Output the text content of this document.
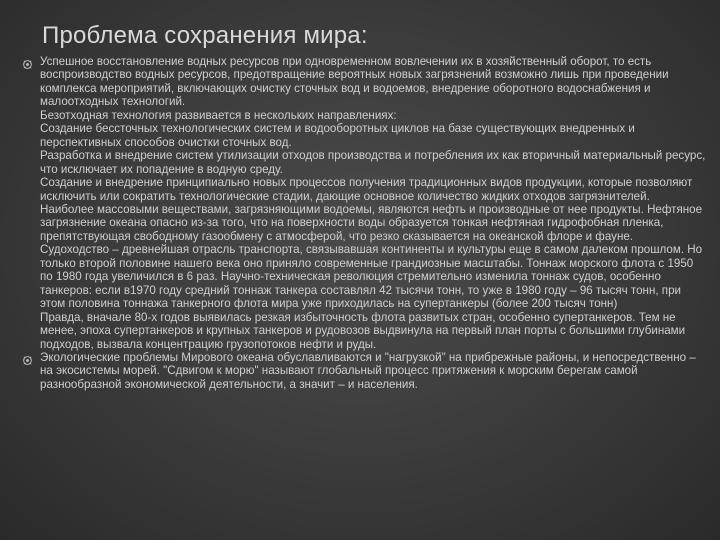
Проблема сохранения мира:
Успешное восстановление водных ресурсов при одновременном вовлечении их в хозяйственный оборот, то есть воспроизводство водных ресурсов, предотвращение вероятных новых загрязнений возможно лишь при проведении комплекса мероприятий, включающих очистку сточных вод и водоемов, внедрение оборотного водоснабжения и малоотходных технологий.
Безотходная технология развивается в нескольких направлениях:
Создание бессточных технологических систем и водооборотных циклов на базе существующих внедренных и перспективных способов очистки сточных вод.
Разработка и внедрение систем утилизации отходов производства и потребления их как вторичный материальный ресурс, что исключает их попадение в водную среду.
Создание и внедрение принципиально новых процессов получения традиционных видов продукции, которые позволяют исключить или сократить технологические стадии, дающие основное количество жидких отходов загрязнителей.
Наиболее массовыми веществами, загрязняющими водоемы, являются нефть и производные от нее продукты. Нефтяное загрязнение океана опасно из-за того, что на поверхности воды образуется тонкая нефтяная гидрофобная пленка, препятствующая свободному газообмену с атмосферой, что резко сказывается на океанской флоре и фауне.
Судоходство – древнейшая отрасль транспорта, связывавшая континенты и культуры еще в самом далеком прошлом. Но только второй половине нашего века оно приняло современные грандиозные масштабы. Тоннаж морского флота с 1950 по 1980 года увеличился в 6 раз. Научно-техническая революция стремительно изменила тоннаж судов, особенно танкеров: если в1970 году средний тоннаж танкера составлял 42 тысячи тонн, то уже в 1980 году – 96 тысяч тонн, при этом половина тоннажа танкерного флота мира уже приходилась на супертанкеры (более 200 тысяч тонн)
Правда, вначале 80-х годов выявилась резкая избыточность флота развитых стран, особенно супертанкеров. Тем не менее, эпоха супертанкеров и крупных танкеров и рудовозов выдвинула на первый план порты с большими глубинами подходов, вызвала концентрацию грузопотоков нефти и руды.
Экологические проблемы Мирового океана обуславливаются и "нагрузкой" на прибрежные районы, и непосредственно – на экосистемы морей. "Сдвигом к морю" называют глобальный процесс притяжения к морским берегам самой разнообразной экономической деятельности, а значит – и населения.
